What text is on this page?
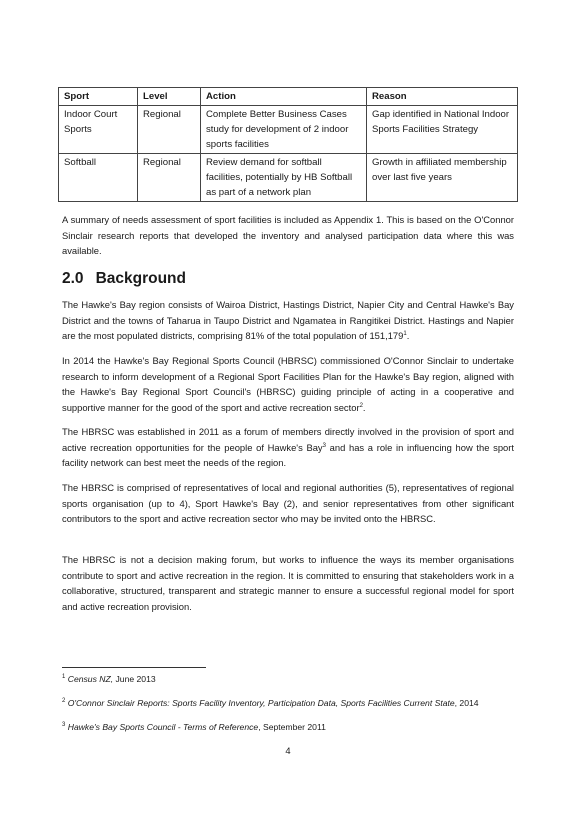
Sport	Level	Action	Reason
Indoor Court Sports	Regional	Complete Better Business Cases study for development of 2 indoor sports facilities	Gap identified in National Indoor Sports Facilities Strategy
Softball	Regional	Review demand for softball facilities, potentially by HB Softball as part of a network plan	Growth in affiliated membership over last five years

A summary of needs assessment of sport facilities is included as Appendix 1. This is based on the O'Connor Sinclair research reports that developed the inventory and analysed participation data where this was available.

2.0 Background

The Hawke's Bay region consists of Wairoa District, Hastings District, Napier City and Central Hawke's Bay District and the towns of Taharua in Taupo District and Ngamatea in Rangitikei District. Hastings and Napier are the most populated districts, comprising 81% of the total population of 151,179$^1$.

In 2014 the Hawke's Bay Regional Sports Council (HBRSC) commissioned O'Connor Sinclair to undertake research to inform development of a Regional Sport Facilities Plan for the Hawke's Bay region, aligned with the Hawke's Bay Regional Sport Council's (HBRSC) guiding principle of acting in a cooperative and supportive manner for the good of the sport and active recreation sector$^2$.

The HBRSC was established in 2011 as a forum of members directly involved in the provision of sport and active recreation opportunities for the people of Hawke's Bay$^3$ and has a role in influencing how the sport facility network can best meet the needs of the region.

The HBRSC is comprised of representatives of local and regional authorities (5), representatives of regional sports organisation (up to 4), Sport Hawke's Bay (2), and senior representatives from other significant contributors to the sport and active recreation sector who may be invited onto the HBRSC.

The HBRSC is not a decision making forum, but works to influence the ways its member organisations contribute to sport and active recreation in the region. It is committed to ensuring that stakeholders work in a collaborative, structured, transparent and strategic manner to ensure a successful regional model for sport and active recreation provision.

$^1$ Census NZ, June 2013

$^2$ O'Connor Sinclair Reports: Sports Facility Inventory, Participation Data, Sports Facilities Current State, 2014

$^3$ Hawke's Bay Sports Council - Terms of Reference, September 2011

4
